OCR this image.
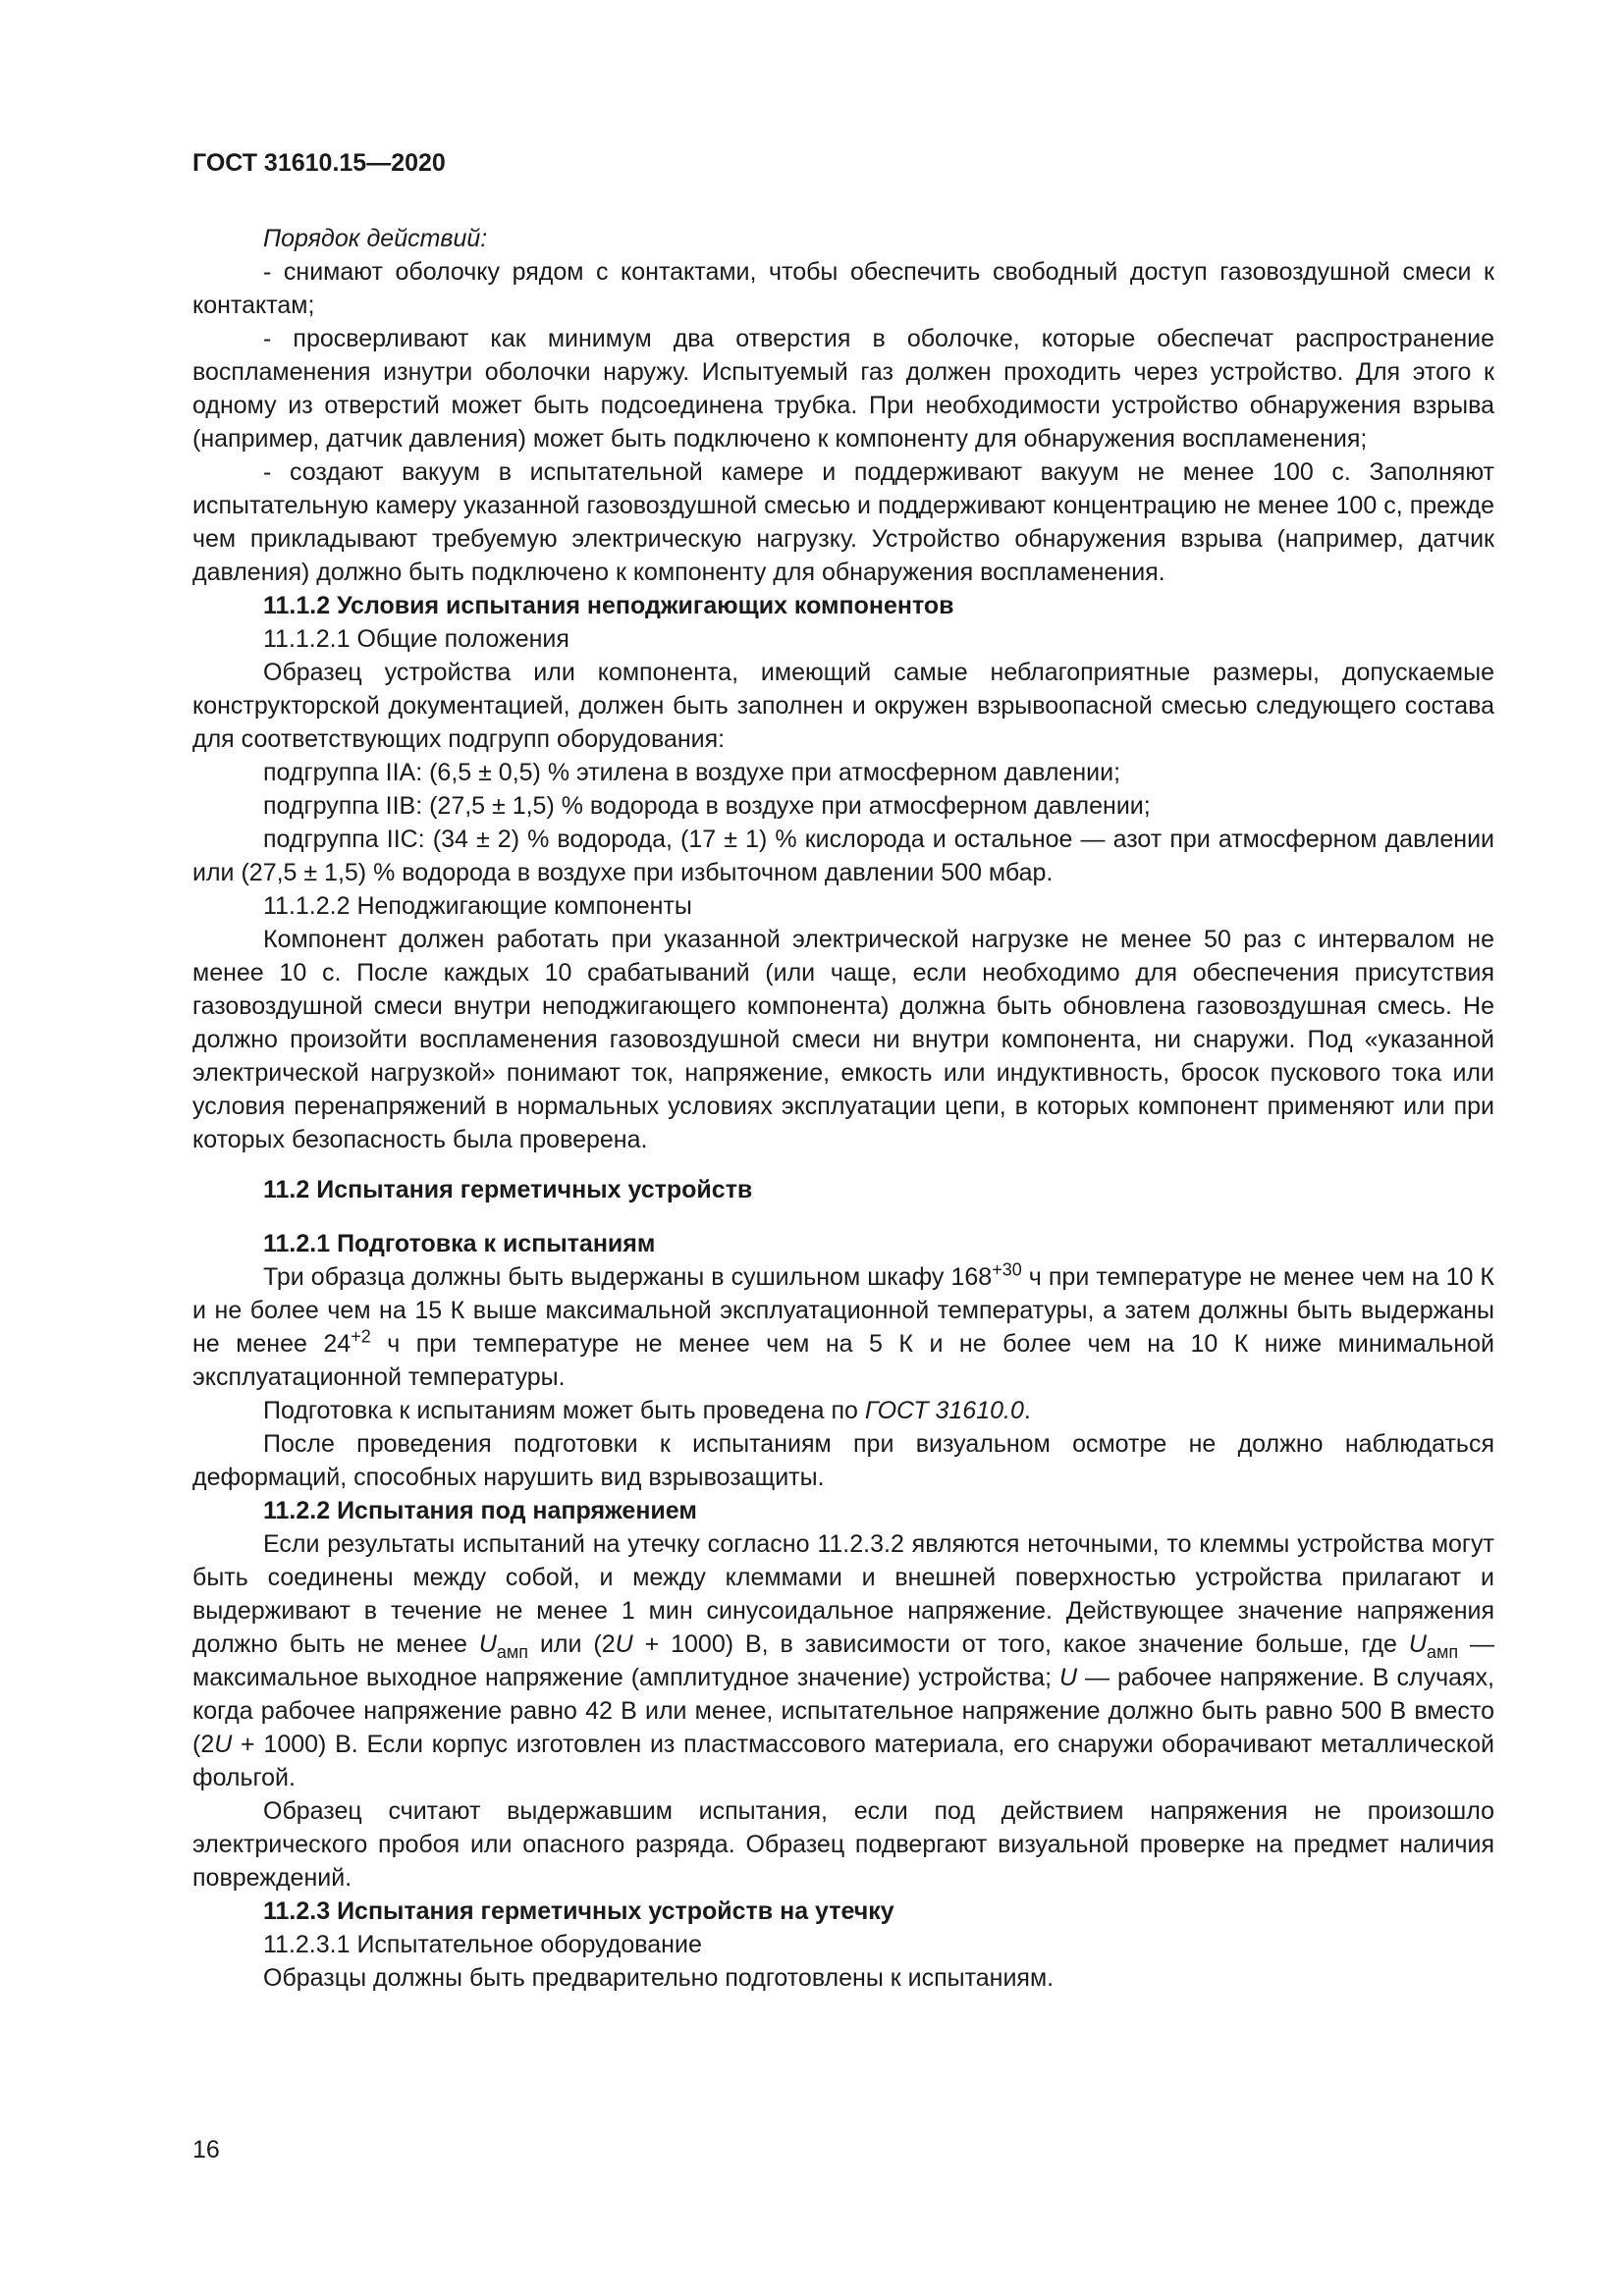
ГОСТ 31610.15—2020

Порядок действий:

- снимают оболочку рядом с контактами, чтобы обеспечить свободный доступ газовоздушной смеси к контактам;

- просверливают как минимум два отверстия в оболочке, которые обеспечат распространение воспламенения изнутри оболочки наружу. Испытуемый газ должен проходить через устройство. Для этого к одному из отверстий может быть подсоединена трубка. При необходимости устройство обнаружения взрыва (например, датчик давления) может быть подключено к компоненту для обнаружения воспламенения;

- создают вакуум в испытательной камере и поддерживают вакуум не менее 100 с. Заполняют испытательную камеру указанной газовоздушной смесью и поддерживают концентрацию не менее 100 с, прежде чем прикладывают требуемую электрическую нагрузку. Устройство обнаружения взрыва (например, датчик давления) должно быть подключено к компоненту для обнаружения воспламенения.

11.1.2 Условия испытания неподжигающих компонентов

11.1.2.1 Общие положения

Образец устройства или компонента, имеющий самые неблагоприятные размеры, допускаемые конструкторской документацией, должен быть заполнен и окружен взрывоопасной смесью следующего состава для соответствующих подгрупп оборудования:

подгруппа IIA: (6,5 ± 0,5) % этилена в воздухе при атмосферном давлении;

подгруппа IIB: (27,5 ± 1,5) % водорода в воздухе при атмосферном давлении;

подгруппа IIC: (34 ± 2) % водорода, (17 ± 1) % кислорода и остальное — азот при атмосферном давлении или (27,5 ± 1,5) % водорода в воздухе при избыточном давлении 500 мбар.

11.1.2.2 Неподжигающие компоненты

Компонент должен работать при указанной электрической нагрузке не менее 50 раз с интервалом не менее 10 с. После каждых 10 срабатываний (или чаще, если необходимо для обеспечения присутствия газовоздушной смеси внутри неподжигающего компонента) должна быть обновлена газовоздушная смесь. Не должно произойти воспламенения газовоздушной смеси ни внутри компонента, ни снаружи. Под «указанной электрической нагрузкой» понимают ток, напряжение, емкость или индуктивность, бросок пускового тока или условия перенапряжений в нормальных условиях эксплуатации цепи, в которых компонент применяют или при которых безопасность была проверена.

11.2 Испытания герметичных устройств

11.2.1 Подготовка к испытаниям

Три образца должны быть выдержаны в сушильном шкафу $168^{+30}$ ч при температуре не менее чем на 10 К и не более чем на 15 К выше максимальной эксплуатационной температуры, а затем должны быть выдержаны не менее $24^{+2}$ ч при температуре не менее чем на 5 К и не более чем на 10 К ниже минимальной эксплуатационной температуры.

Подготовка к испытаниям может быть проведена по ГОСТ 31610.0.

После проведения подготовки к испытаниям при визуальном осмотре не должно наблюдаться деформаций, способных нарушить вид взрывозащиты.

11.2.2 Испытания под напряжением

Если результаты испытаний на утечку согласно 11.2.3.2 являются неточными, то клеммы устройства могут быть соединены между собой, и между клеммами и внешней поверхностью устройства прилагают и выдерживают в течение не менее 1 мин синусоидальное напряжение. Действующее значение напряжения должно быть не менее $U_{амп}$ или (2U + 1000) В, в зависимости от того, какое значение больше, где $U_{амп}$ — максимальное выходное напряжение (амплитудное значение) устройства; U — рабочее напряжение. В случаях, когда рабочее напряжение равно 42 В или менее, испытательное напряжение должно быть равно 500 В вместо (2U + 1000) В. Если корпус изготовлен из пластмассового материала, его снаружи оборачивают металлической фольгой.

Образец считают выдержавшим испытания, если под действием напряжения не произошло электрического пробоя или опасного разряда. Образец подвергают визуальной проверке на предмет наличия повреждений.

11.2.3 Испытания герметичных устройств на утечку

11.2.3.1 Испытательное оборудование

Образцы должны быть предварительно подготовлены к испытаниям.

16
